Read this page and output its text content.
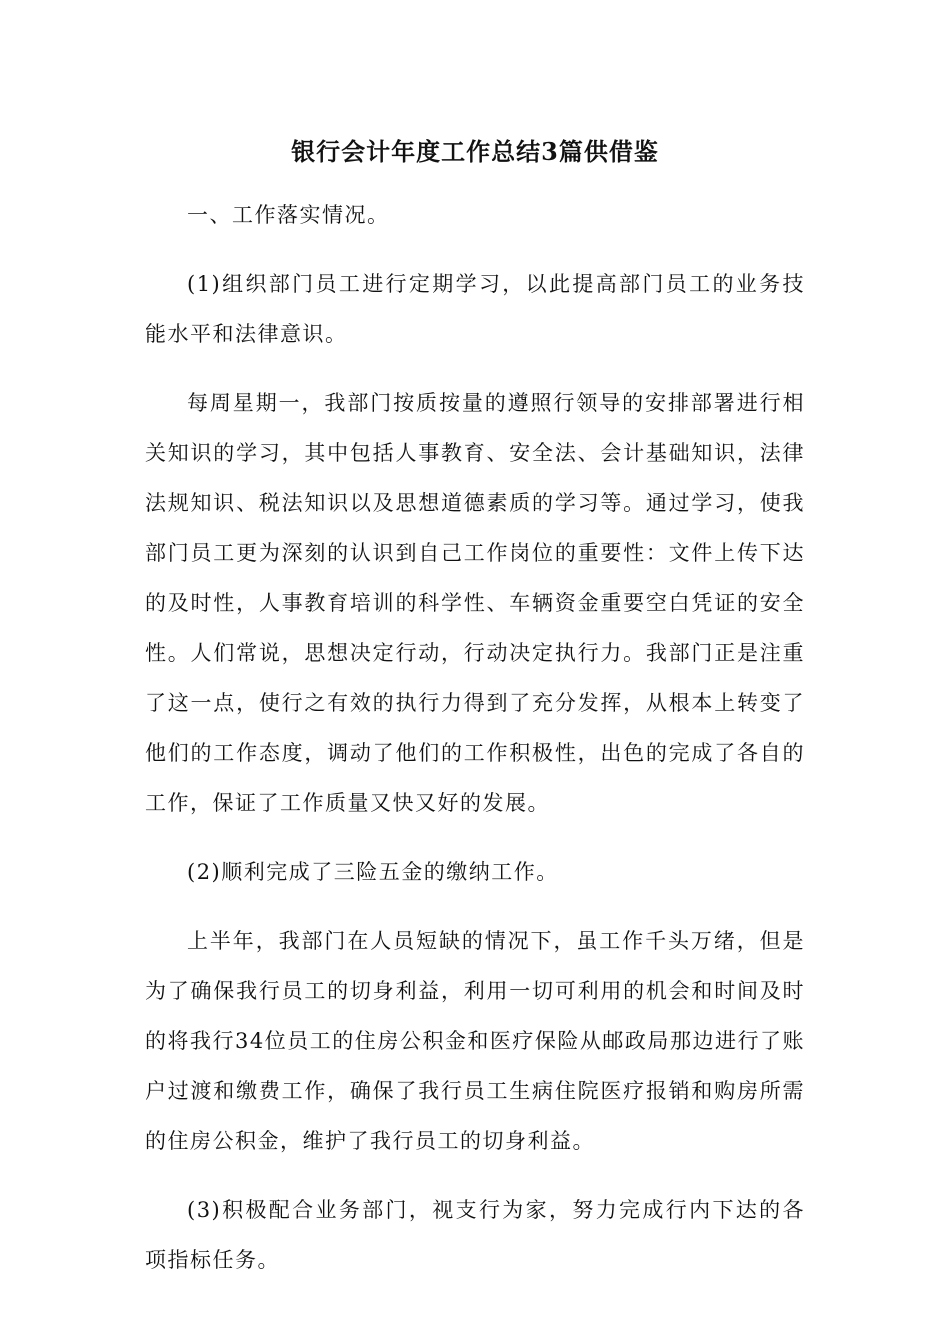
银行会计年度工作总结3篇供借鉴

一、工作落实情况。

(1)组织部门员工进行定期学习，以此提高部门员工的业务技能水平和法律意识。

每周星期一，我部门按质按量的遵照行领导的安排部署进行相关知识的学习，其中包括人事教育、安全法、会计基础知识，法律法规知识、税法知识以及思想道德素质的学习等。通过学习，使我部门员工更为深刻的认识到自己工作岗位的重要性：文件上传下达的及时性，人事教育培训的科学性、车辆资金重要空白凭证的安全性。人们常说，思想决定行动，行动决定执行力。我部门正是注重了这一点，使行之有效的执行力得到了充分发挥，从根本上转变了他们的工作态度，调动了他们的工作积极性，出色的完成了各自的工作，保证了工作质量又快又好的发展。

(2)顺利完成了三险五金的缴纳工作。

上半年，我部门在人员短缺的情况下，虽工作千头万绪，但是为了确保我行员工的切身利益，利用一切可利用的机会和时间及时的将我行34位员工的住房公积金和医疗保险从邮政局那边进行了账户过渡和缴费工作，确保了我行员工生病住院医疗报销和购房所需的住房公积金，维护了我行员工的切身利益。

(3)积极配合业务部门，视支行为家，努力完成行内下达的各项指标任务。
